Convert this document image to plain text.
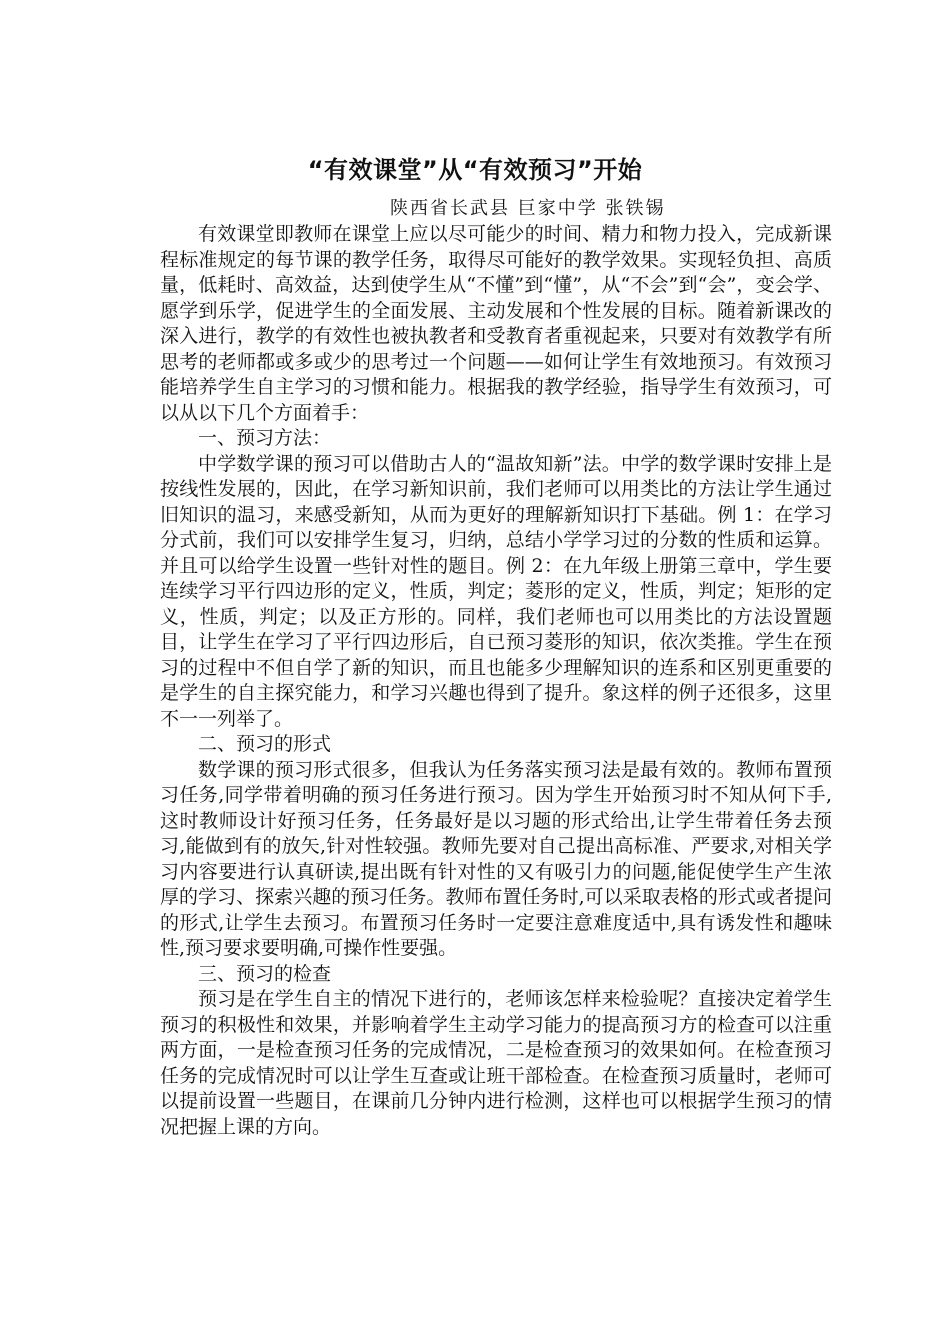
“有效课堂”从“有效预习”开始
陕西省长武县 巨家中学 张铁锡

有效课堂即教师在课堂上应以尽可能少的时间、精力和物力投入，完成新课程标准规定的每节课的教学任务，取得尽可能好的教学效果。实现轻负担、高质量，低耗时、高效益，达到使学生从“不懂”到“懂”，从“不会”到“会”，变会学、愿学到乐学，促进学生的全面发展、主动发展和个性发展的目标。随着新课改的深入进行，教学的有效性也被执教者和受教育者重视起来，只要对有效教学有所思考的老师都或多或少的思考过一个问题——如何让学生有效地预习。有效预习能培养学生自主学习的习惯和能力。根据我的教学经验，指导学生有效预习，可以从以下几个方面着手：

一、预习方法：

中学数学课的预习可以借助古人的“温故知新”法。中学的数学课时安排上是按线性发展的，因此，在学习新知识前，我们老师可以用类比的方法让学生通过旧知识的温习，来感受新知，从而为更好的理解新知识打下基础。例 1：在学习分式前，我们可以安排学生复习，归纳，总结小学学习过的分数的性质和运算。并且可以给学生设置一些针对性的题目。例 2：在九年级上册第三章中，学生要连续学习平行四边形的定义，性质，判定；菱形的定义，性质，判定；矩形的定义，性质，判定；以及正方形的。同样，我们老师也可以用类比的方法设置题目，让学生在学习了平行四边形后，自已预习菱形的知识，依次类推。学生在预习的过程中不但自学了新的知识，而且也能多少理解知识的连系和区别更重要的是学生的自主探究能力，和学习兴趣也得到了提升。象这样的例子还很多，这里不一一列举了。

二、预习的形式

数学课的预习形式很多，但我认为任务落实预习法是最有效的。教师布置预习任务,同学带着明确的预习任务进行预习。因为学生开始预习时不知从何下手,这时教师设计好预习任务，任务最好是以习题的形式给出,让学生带着任务去预习,能做到有的放矢,针对性较强。教师先要对自己提出高标准、严要求,对相关学习内容要进行认真研读,提出既有针对性的又有吸引力的问题,能促使学生产生浓厚的学习、探索兴趣的预习任务。教师布置任务时,可以采取表格的形式或者提问的形式,让学生去预习。布置预习任务时一定要注意难度适中,具有诱发性和趣味性,预习要求要明确,可操作性要强。

三、预习的检查

预习是在学生自主的情况下进行的，老师该怎样来检验呢？直接决定着学生预习的积极性和效果，并影响着学生主动学习能力的提高预习方的检查可以注重两方面，一是检查预习任务的完成情况，二是检查预习的效果如何。在检查预习任务的完成情况时可以让学生互查或让班干部检查。在检查预习质量时，老师可以提前设置一些题目，在课前几分钟内进行检测，这样也可以根据学生预习的情况把握上课的方向。
